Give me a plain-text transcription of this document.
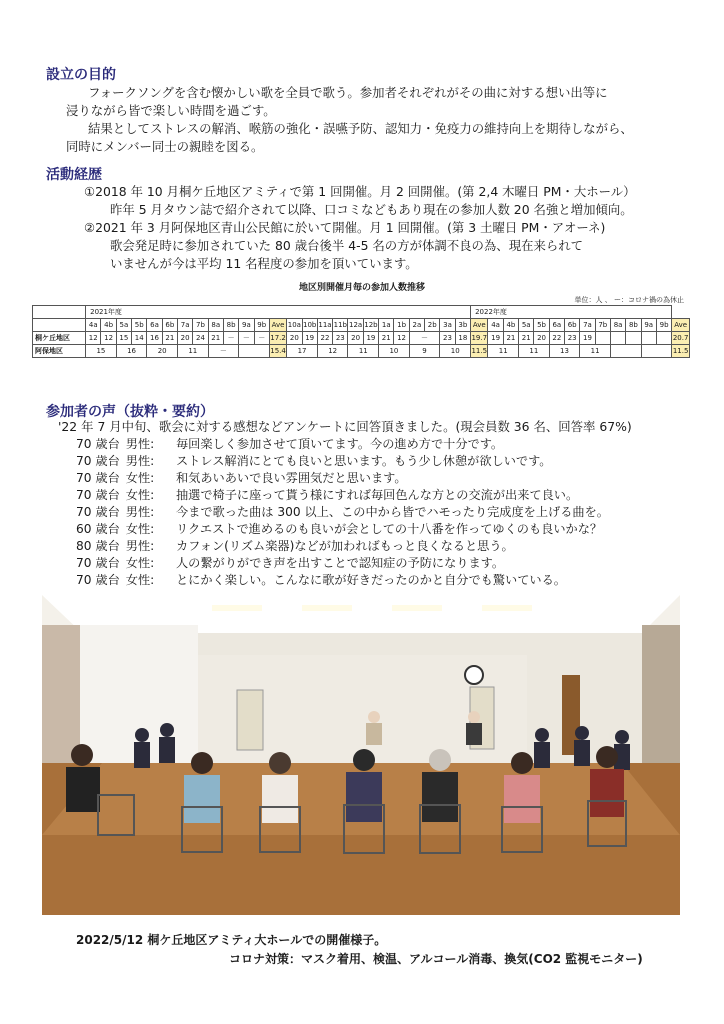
設立の目的

フォークソングを含む懐かしい歌を全員で歌う。参加者それぞれがその曲に対する想い出等に

浸りながら皆で楽しい時間を過ごす。

結果としてストレスの解消、喉筋の強化・誤嚥予防、認知力・免疫力の維持向上を期待しながら、

同時にメンバー同士の親睦を図る。

活動経歴

①2018 年 10 月桐ケ丘地区アミティで第 1 回開催。月 2 回開催。(第 2,4 木曜日 PM・大ホール）

昨年 5 月タウン誌で紹介されて以降、口コミなどもあり現在の参加人数 20 名強と増加傾向。

②2021 年 3 月阿保地区青山公民館に於いて開催。月 1 回開催。(第 3 土曜日 PM・アオーネ)

歌会発足時に参加されていた 80 歳台後半 4-5 名の方が体調不良の為、現在来られて

いませんが今は平均 11 名程度の参加を頂いています。

地区別開催月毎の参加人数推移

単位：人 、 ー：コロナ禍の為休止

	2021年度																									2022年度													
	4a	4b	5a	5b	6a	6b	7a	7b	8a	8b	9a	9b	Ave	10a	10b	11a	11b	12a	12b	1a	1b	2a	2b	3a	3b	Ave	4a	4b	5a	5b	6a	6b	7a	7b	8a	8b	9a	9b	Ave
桐ケ丘地区	12	12	15	14	16	21	20	24	21	－	－	－	17.2	20	19	22	23	20	19	21	12	－		23	18	19.7	19	21	21	20	22	23	19						20.7
阿保地区	15		16		20		11		－				15.4	17		12		11		10		9		10		11.5	11		11		13		11						11.5
参加者の声（抜粋・要約）

'22 年 7 月中旬、歌会に対する感想などアンケートに回答頂きました。(現会員数 36 名、回答率 67%)

70 歳台 男性: 毎回楽しく参加させて頂いてます。今の進め方で十分です。
70 歳台 男性: ストレス解消にとても良いと思います。もう少し休憩が欲しいです。
70 歳台 女性: 和気あいあいで良い雰囲気だと思います。
70 歳台 女性: 抽選で椅子に座って貰う様にすれば毎回色んな方との交流が出来て良い。
70 歳台 男性: 今まで歌った曲は 300 以上、この中から皆でハモったり完成度を上げる曲を。
60 歳台 女性: リクエストで進めるのも良いが会としての十八番を作ってゆくのも良いかな？
80 歳台 男性: カフォン(リズム楽器)などが加わればもっと良くなると思う。
70 歳台 女性: 人の繋がりができ声を出すことで認知症の予防になります。
70 歳台 女性: とにかく楽しい。こんなに歌が好きだったのかと自分でも驚いている。

2022/5/12 桐ケ丘地区アミティ大ホールでの開催様子。

コロナ対策：マスク着用、検温、アルコール消毒、換気(CO2 監視モニター)
